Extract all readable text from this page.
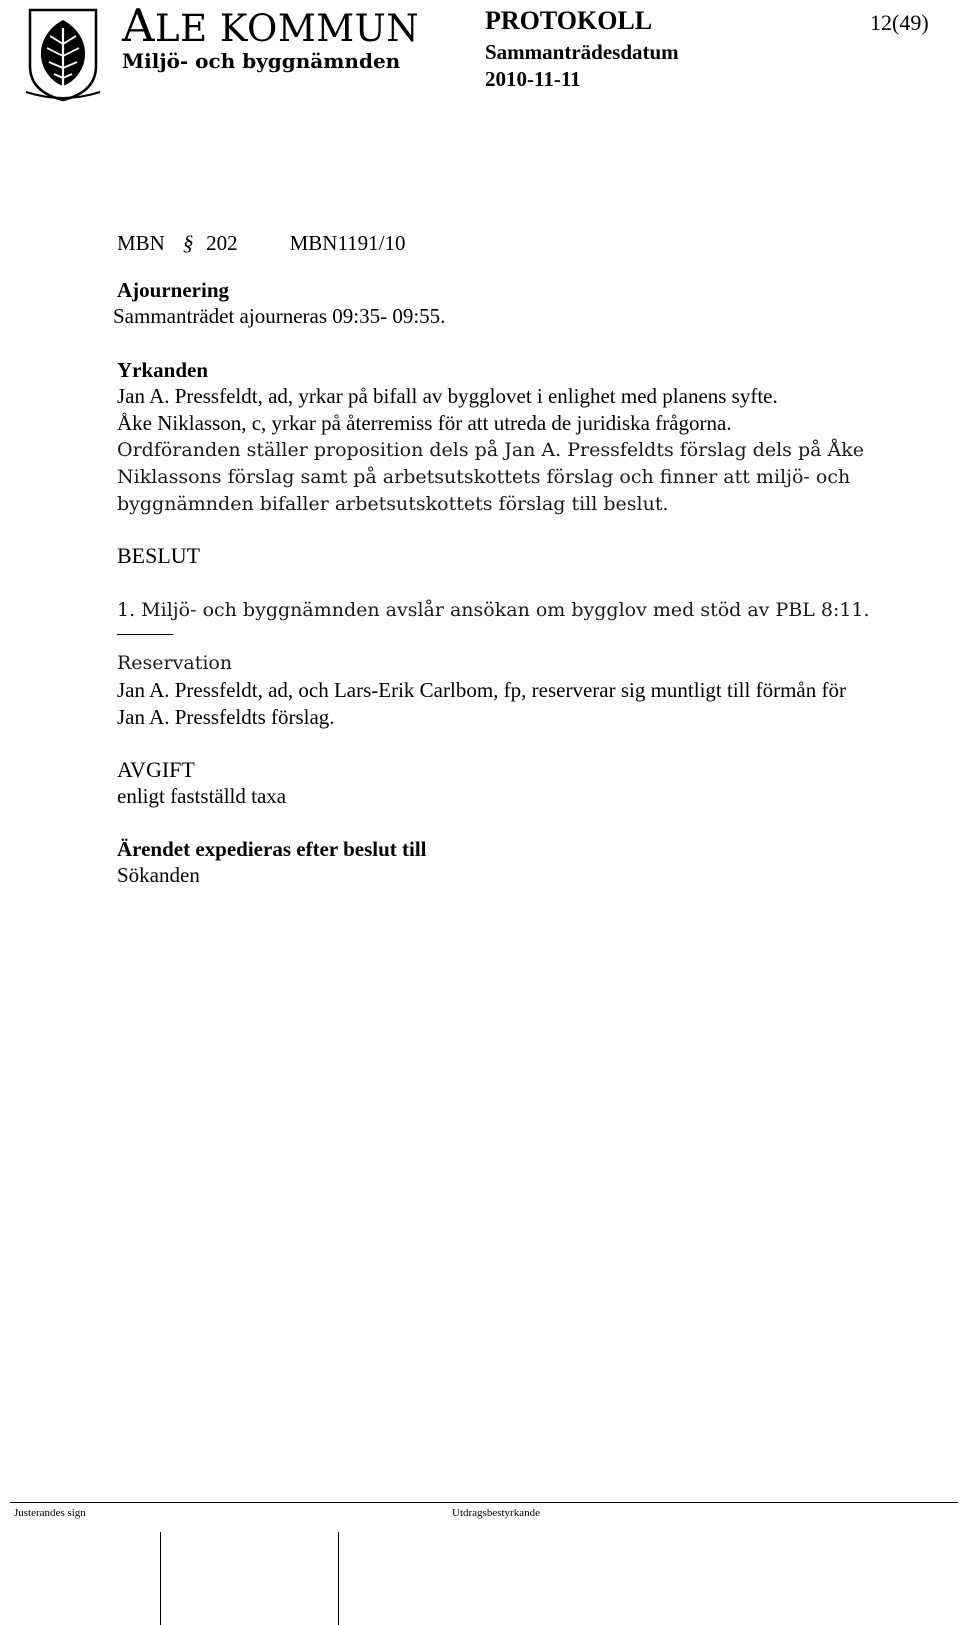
ALE KOMMUN
Miljö- och byggnämnden
PROTOKOLL	12(49)
Sammanträdesdatum
2010-11-11
MBN § 202 MBN1191/10
Ajournering
Sammanträdet ajourneras 09:35- 09:55.
Yrkanden
Jan A. Pressfeldt, ad, yrkar på bifall av bygglovet i enlighet med planens syfte.
Åke Niklasson, c, yrkar på återremiss för att utreda de juridiska frågorna.
Ordföranden ställer proposition dels på Jan A. Pressfeldts förslag dels på Åke
Niklassons förslag samt på arbetsutskottets förslag och finner att miljö- och
byggnämnden bifaller arbetsutskottets förslag till beslut.
BESLUT
1. Miljö- och byggnämnden avslår ansökan om bygglov med stöd av PBL 8:11.
Reservation
Jan A. Pressfeldt, ad, och Lars-Erik Carlbom, fp, reserverar sig muntligt till förmån för
Jan A. Pressfeldts förslag.
AVGIFT
enligt fastställd taxa
Ärendet expedieras efter beslut till
Sökanden
Justerandes sign	Utdragsbestyrkande
